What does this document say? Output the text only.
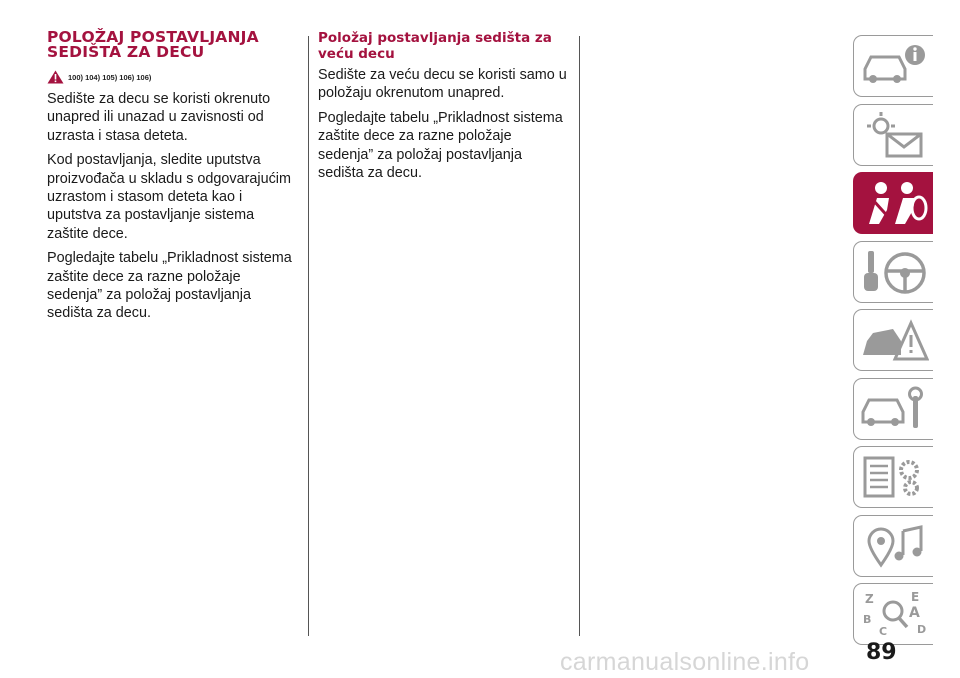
POLOŽAJ POSTAVLJANJA SEDIŠTA ZA DECU
100) 104) 105) 106) 106)

Sedište za decu se koristi okrenuto unapred ili unazad u zavisnosti od uzrasta i stasa deteta.

Kod postavljanja, sledite uputstva proizvođača u skladu s odgovarajućim uzrastom i stasom deteta kao i uputstva za postavljanje sistema zaštite dece.

Pogledajte tabelu „Prikladnost sistema zaštite dece za razne položaje sedenja” za položaj postavljanja sedišta za decu.

Položaj postavljanja sedišta za veću decu

Sedište za veću decu se koristi samo u položaju okrenutom unapred.

Pogledajte tabelu „Prikladnost sistema zaštite dece za razne položaje sedenja” za položaj postavljanja sedišta za decu.

Z	E
B	A
C	D
carmanualsonline.info	89
